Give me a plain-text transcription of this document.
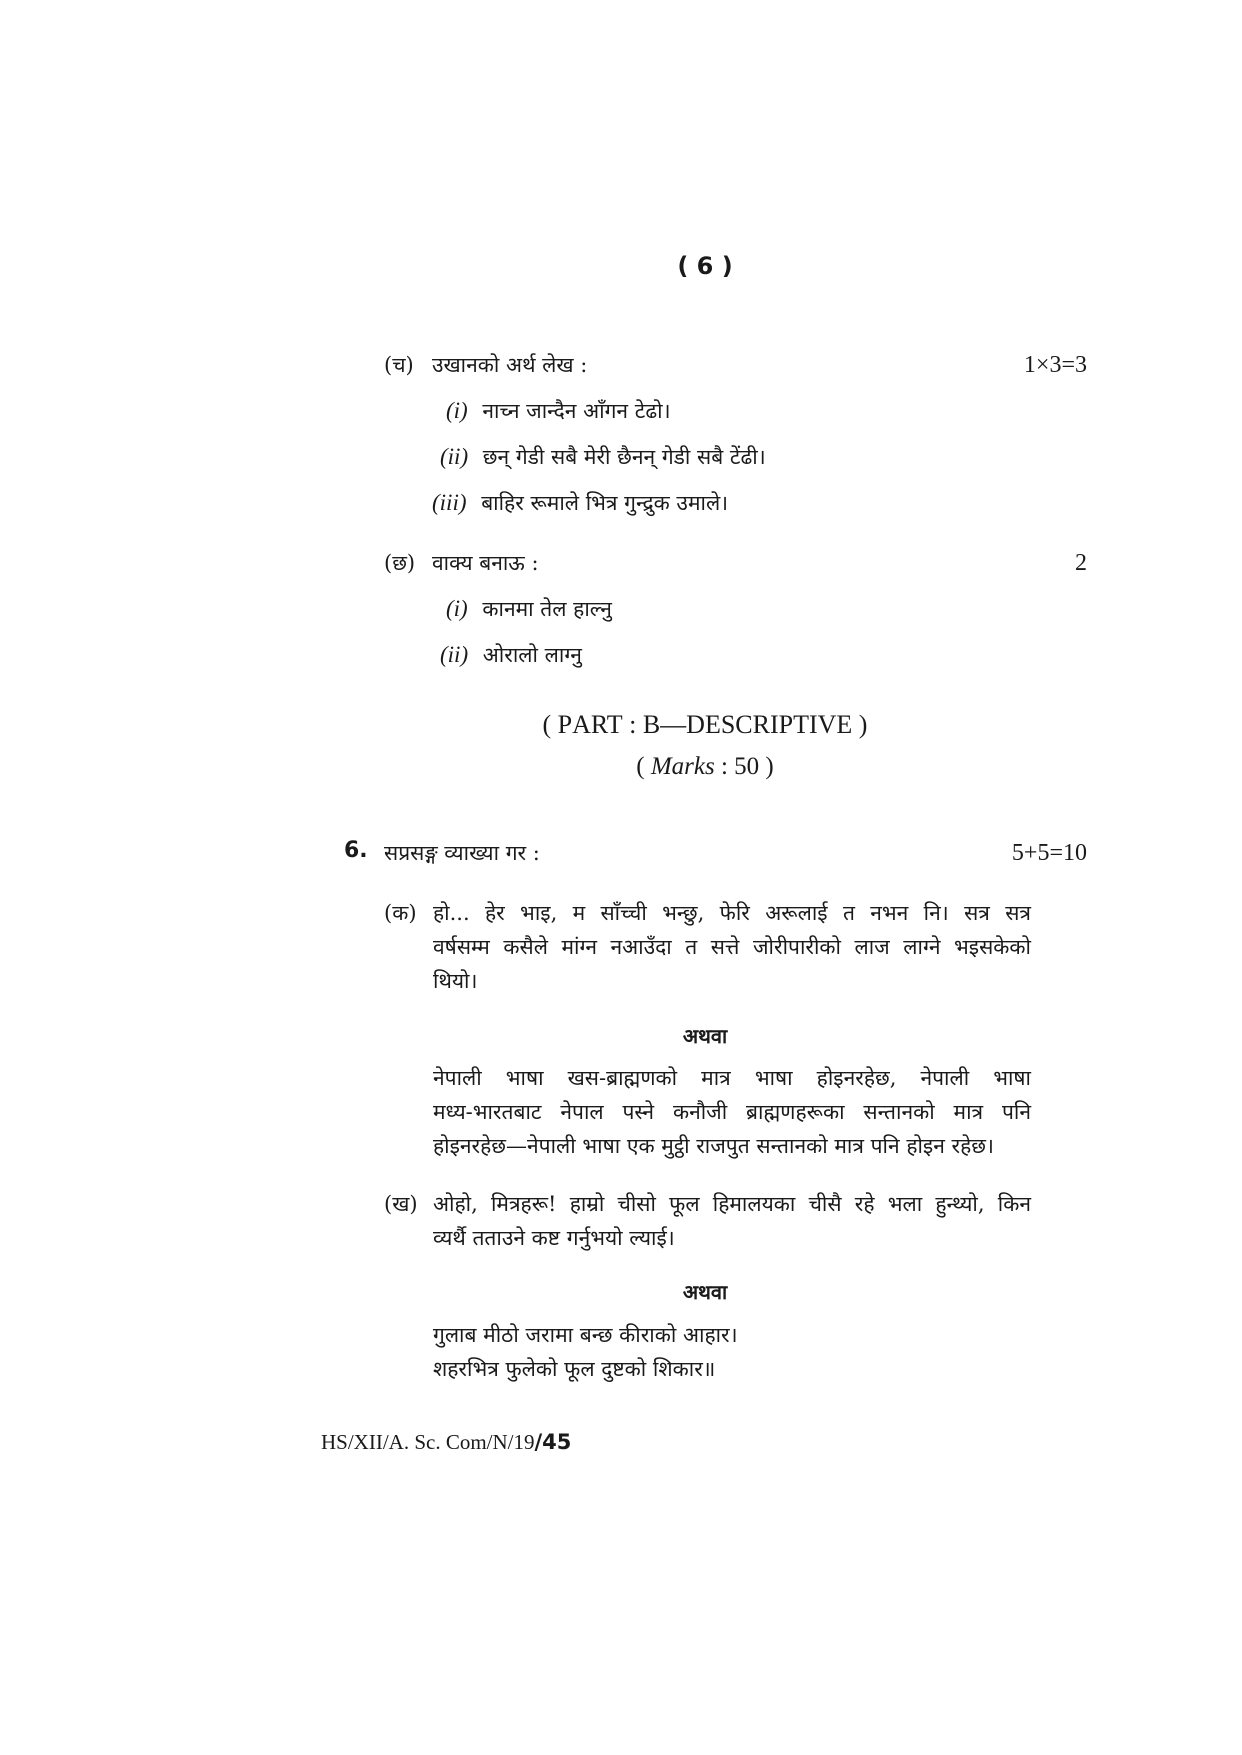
( 6 )
(च) उखानको अर्थ लेख :	1×3=3
(i) नाच्न जान्दैन आँगन टेढो।
(ii) छन् गेडी सबै मेरी छैनन् गेडी सबै टेंढी।
(iii) बाहिर रूमाले भित्र गुन्द्रुक उमाले।
(छ) वाक्य बनाऊ :	2
(i) कानमा तेल हाल्नु
(ii) ओरालो लाग्नु
( PART : B—DESCRIPTIVE )
( Marks : 50 )
6. सप्रसङ्ग व्याख्या गर :	5+5=10
(क) हो... हेर भाइ, म साँच्ची भन्छु, फेरि अरूलाई त नभन नि। सत्र सत्र
वर्षसम्म कसैले मांग्न नआउँदा त सत्ते जोरीपारीको लाज लाग्ने भइसकेको
थियो।
अथवा
नेपाली भाषा खस-ब्राह्मणको मात्र भाषा होइनरहेछ, नेपाली भाषा
मध्य-भारतबाट नेपाल पस्ने कनौजी ब्राह्मणहरूका सन्तानको मात्र पनि
होइनरहेछ—नेपाली भाषा एक मुट्ठी राजपुत सन्तानको मात्र पनि होइन रहेछ।
(ख) ओहो, मित्रहरू! हाम्रो चीसो फूल हिमालयका चीसै रहे भला हुन्थ्यो, किन
व्यर्थै तताउने कष्ट गर्नुभयो ल्याई।
अथवा
गुलाब मीठो जरामा बन्छ कीराको आहार।
शहरभित्र फुलेको फूल दुष्टको शिकार॥
HS/XII/A. Sc. Com/N/19/45
